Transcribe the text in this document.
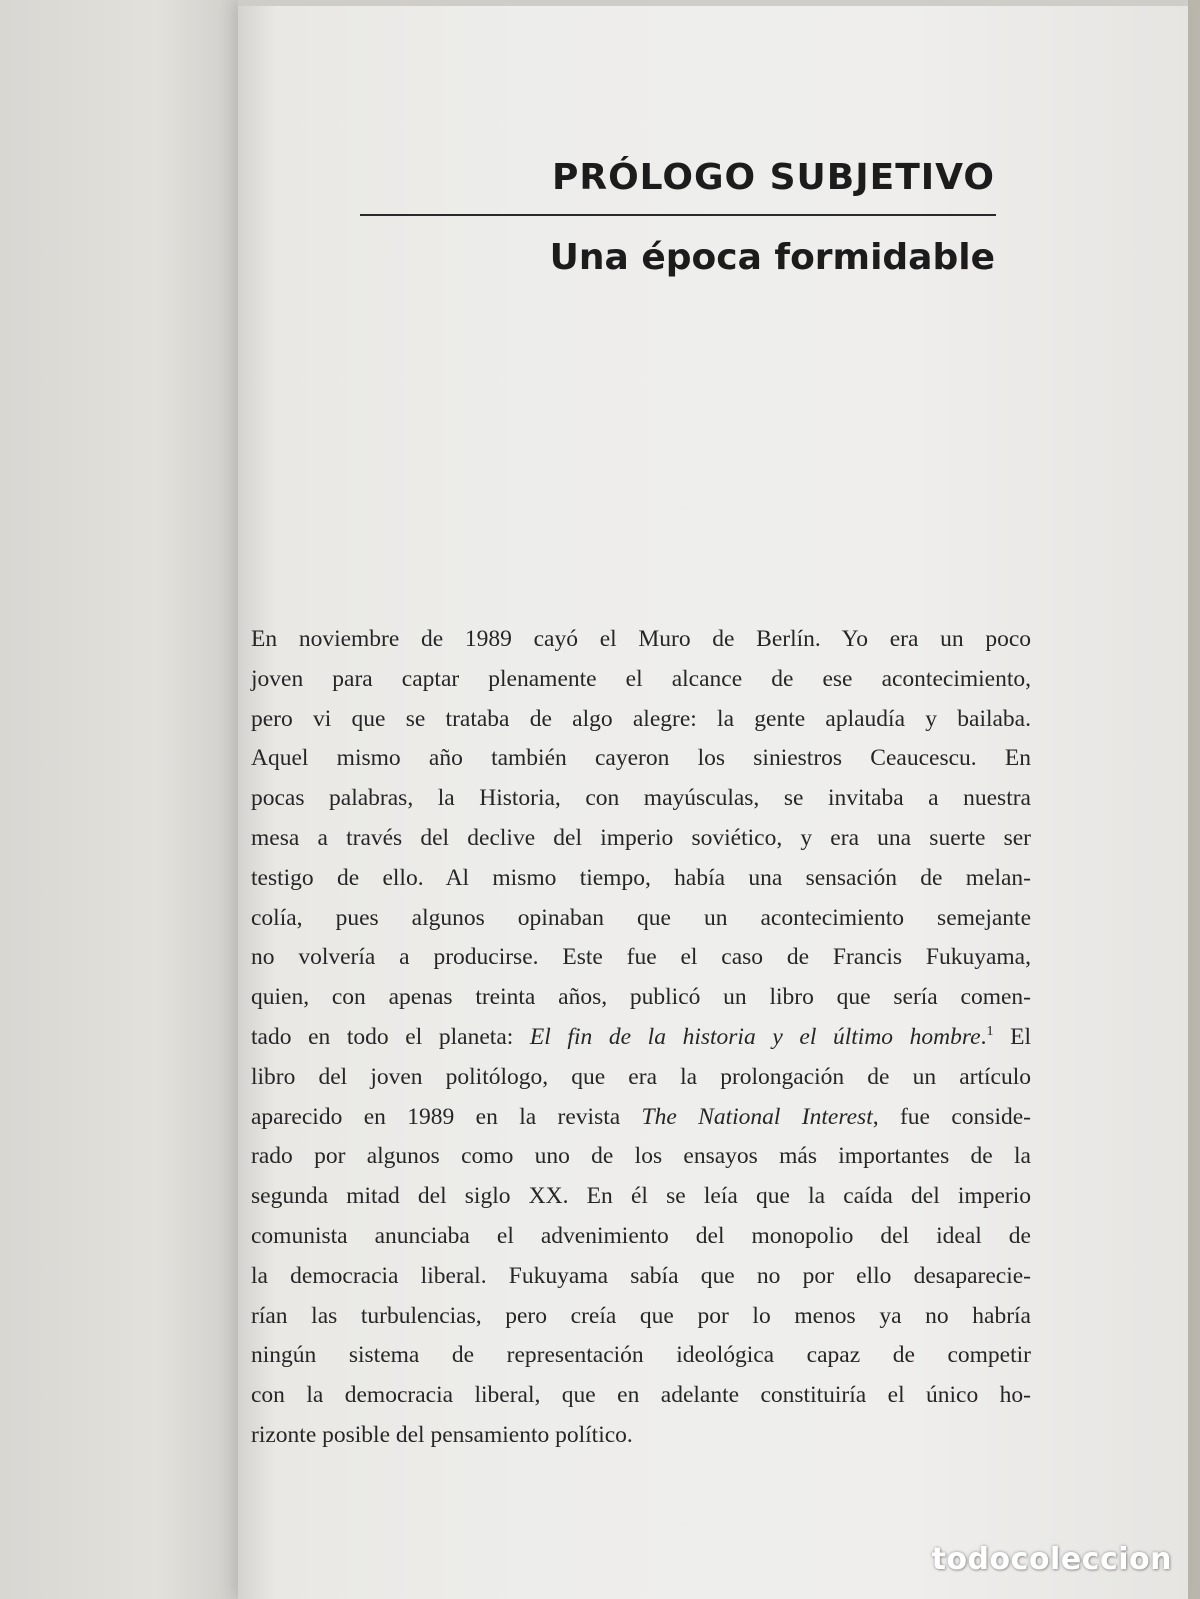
PRÓLOGO SUBJETIVO
Una época formidable
En noviembre de 1989 cayó el Muro de Berlín. Yo era un poco
joven para captar plenamente el alcance de ese acontecimiento,
pero vi que se trataba de algo alegre: la gente aplaudía y bailaba.
Aquel mismo año también cayeron los siniestros Ceaucescu. En
pocas palabras, la Historia, con mayúsculas, se invitaba a nuestra
mesa a través del declive del imperio soviético, y era una suerte ser
testigo de ello. Al mismo tiempo, había una sensación de melan-
colía, pues algunos opinaban que un acontecimiento semejante
no volvería a producirse. Este fue el caso de Francis Fukuyama,
quien, con apenas treinta años, publicó un libro que sería comen-
tado en todo el planeta: El fin de la historia y el último hombre.$^1$ El
libro del joven politólogo, que era la prolongación de un artículo
aparecido en 1989 en la revista The National Interest, fue conside-
rado por algunos como uno de los ensayos más importantes de la
segunda mitad del siglo XX. En él se leía que la caída del imperio
comunista anunciaba el advenimiento del monopolio del ideal de
la democracia liberal. Fukuyama sabía que no por ello desaparecie-
rían las turbulencias, pero creía que por lo menos ya no habría
ningún sistema de representación ideológica capaz de competir
con la democracia liberal, que en adelante constituiría el único ho-
rizonte posible del pensamiento político.
todocoleccion
